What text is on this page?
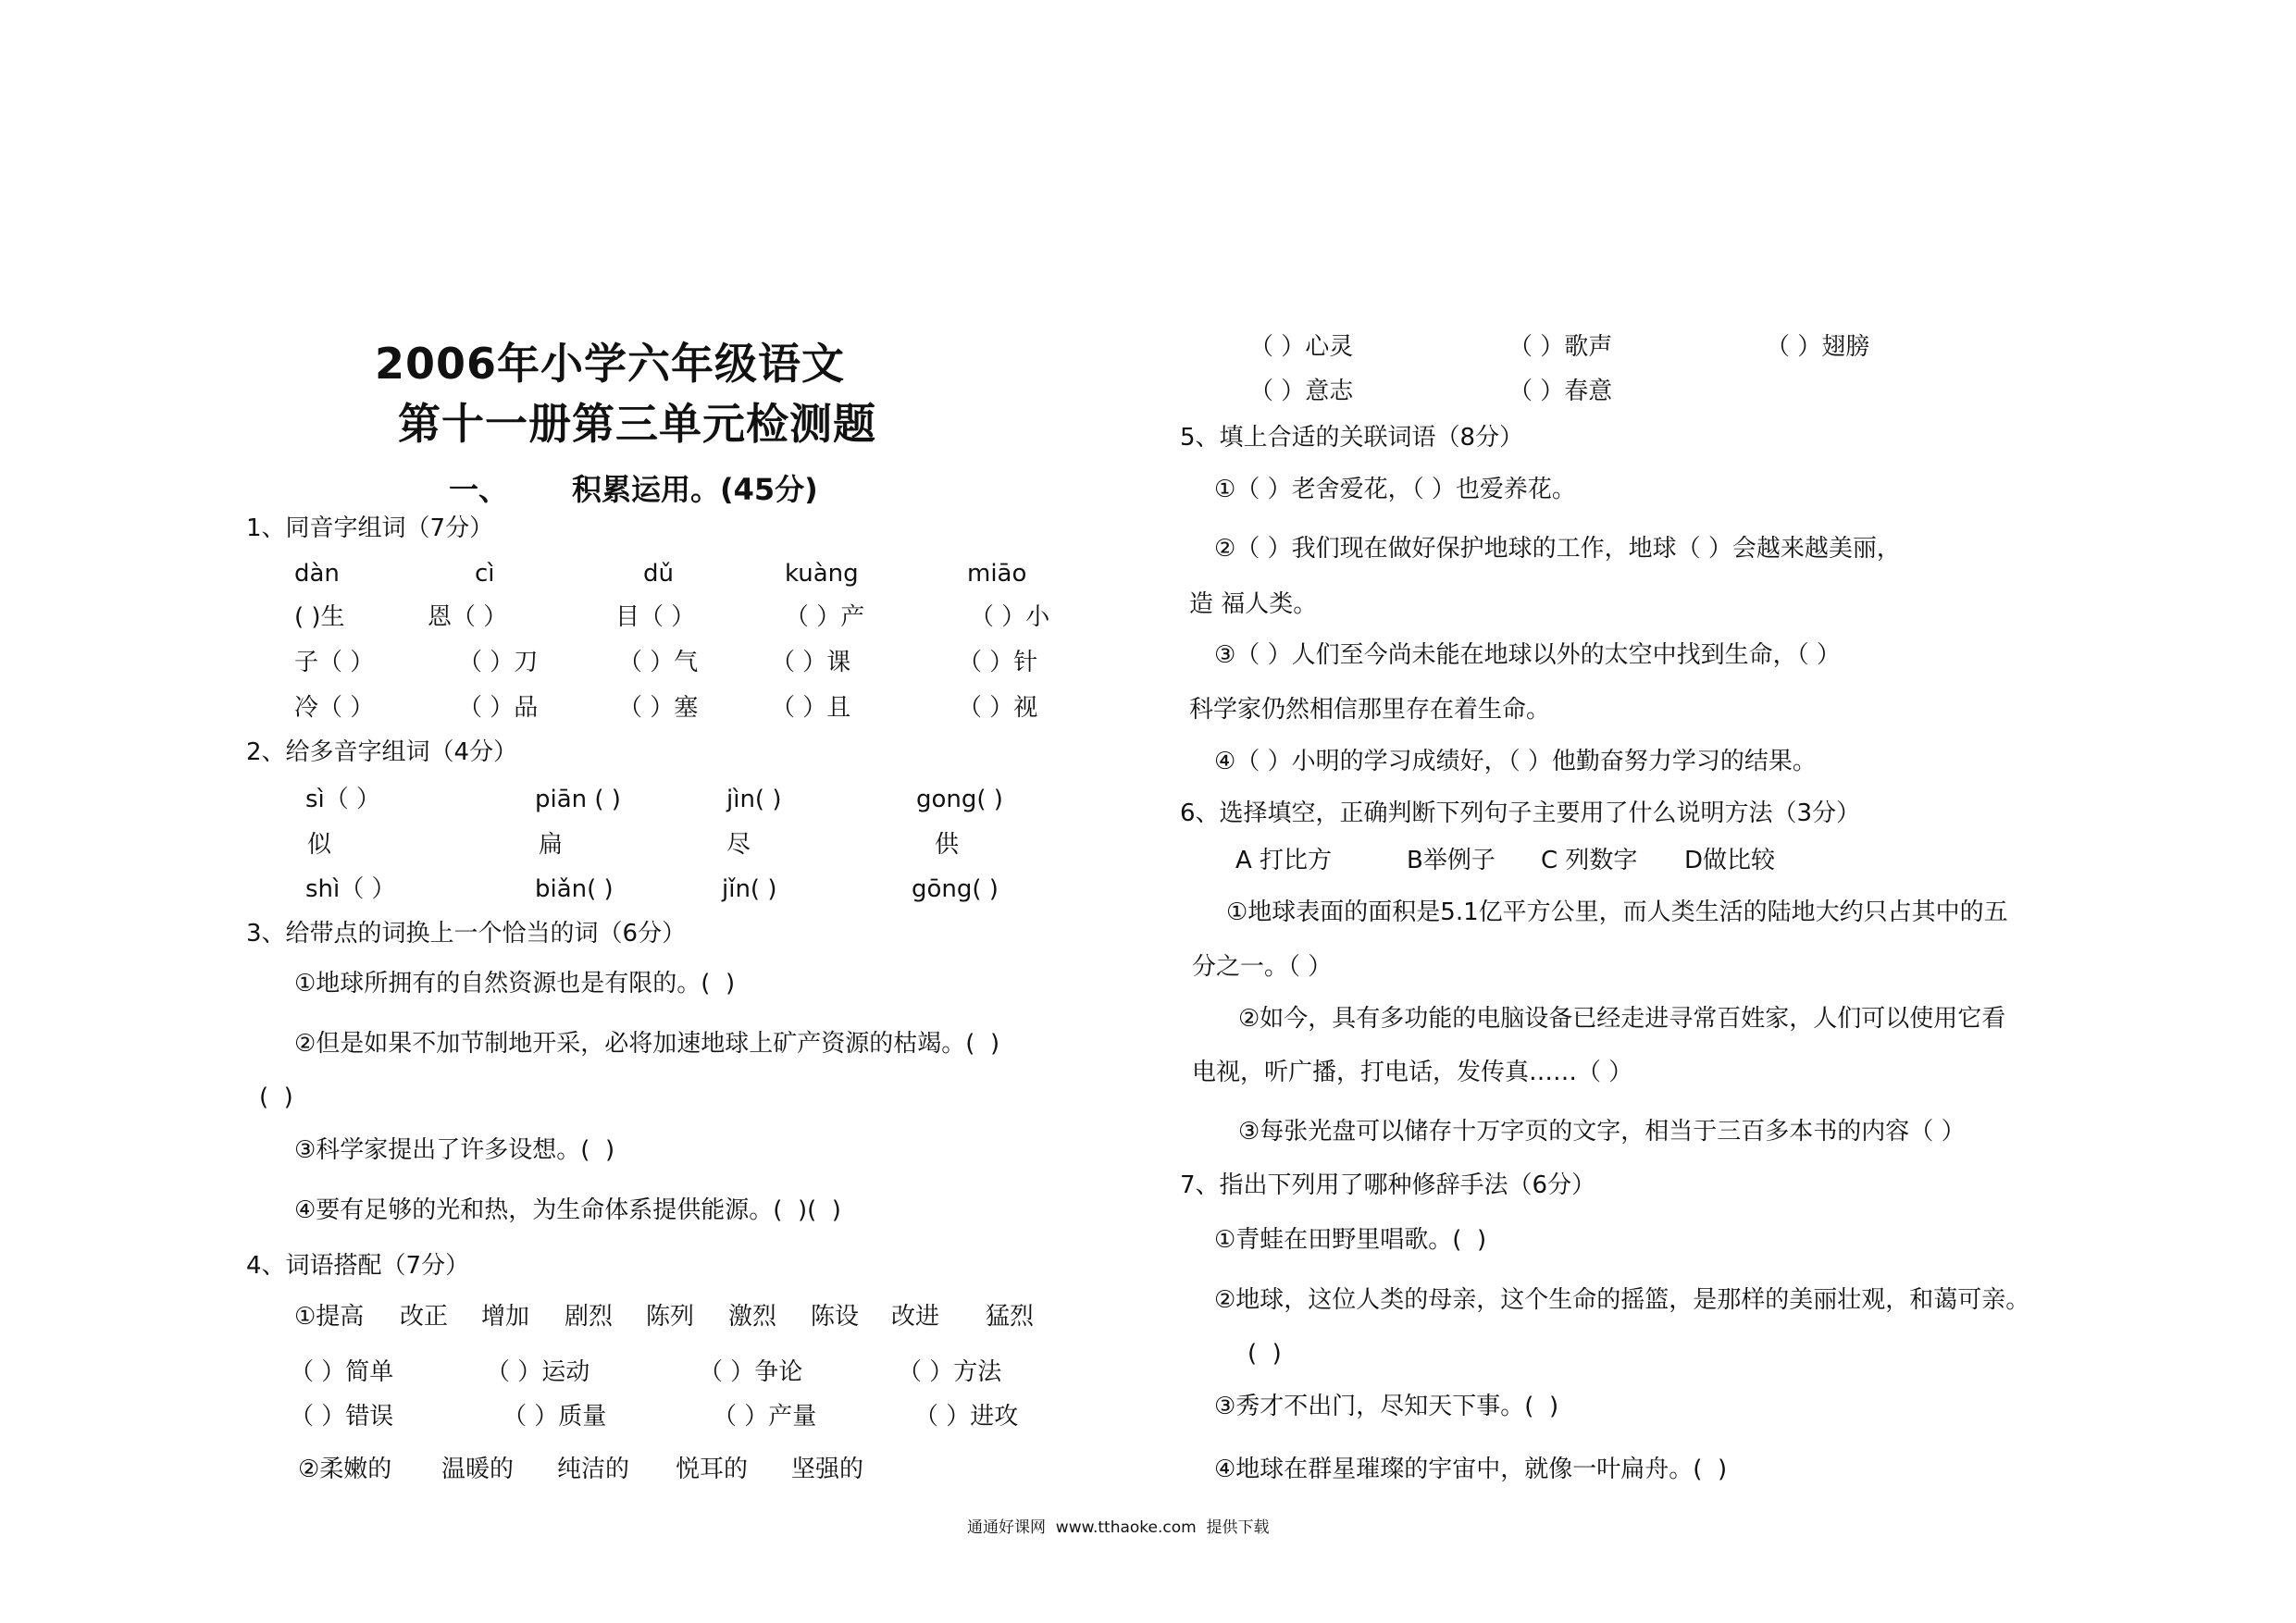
2006年小学六年级语文
第十一册第三单元检测题
一、 积累运用。(45分)
1、同音字组词（7分）
dàn	cì	dǔ	kuàng	miāo
( )生	恩（ ）	目（ ）	（ ）产	（ ）小
子（ ）	（ ）刀	（ ）气	（ ）课	（ ）针
冷（ ）	（ ）品	（ ）塞	（ ）且	（ ）视
2、给多音字组词（4分）
sì（ ）	piān ( )	jìn( )	gong( )
似	扁	尽	供
shì（ ）	biǎn( )	jǐn( )	gōng( )
3、给带点的词换上一个恰当的词（6分）
①地球所拥有的自然资源也是有限的。(  )
②但是如果不加节制地开采，必将加速地球上矿产资源的枯竭。(  )
(  )
③科学家提出了许多设想。(  )
④要有足够的光和热，为生命体系提供能源。(  )(  )
4、词语搭配（7分）
①提高 改正 增加 剧烈 陈列 激烈 陈设 改进 猛烈
（ ）简单	（ ）运动	（ ）争论	（ ）方法
（ ）错误	（ ）质量	（ ）产量	（ ）进攻
②柔嫩的 温暖的 纯洁的 悦耳的 坚强的
（ ）心灵	（ ）歌声	（ ）翅膀
（ ）意志	（ ）春意
5、填上合适的关联词语（8分）
①（ ）老舍爱花，（ ）也爱养花。
②（ ）我们现在做好保护地球的工作，地球（ ）会越来越美丽，
造 福人类。
③（ ）人们至今尚未能在地球以外的太空中找到生命，（ ）
科学家仍然相信那里存在着生命。
④（ ）小明的学习成绩好，（ ）他勤奋努力学习的结果。
6、选择填空，正确判断下列句子主要用了什么说明方法（3分）
A 打比方	B举例子 C 列数字 D做比较
①地球表面的面积是5.1亿平方公里，而人类生活的陆地大约只占其中的五
分之一。（ ）
②如今，具有多功能的电脑设备已经走进寻常百姓家，人们可以使用它看
电视，听广播，打电话，发传真……（ ）
③每张光盘可以储存十万字页的文字，相当于三百多本书的内容（ ）
7、指出下列用了哪种修辞手法（6分）
①青蛙在田野里唱歌。(  )
②地球，这位人类的母亲，这个生命的摇篮，是那样的美丽壮观，和蔼可亲。
(  )
③秀才不出门，尽知天下事。(  )
④地球在群星璀璨的宇宙中，就像一叶扁舟。(  )
通通好课网  www.tthaoke.com  提供下载
